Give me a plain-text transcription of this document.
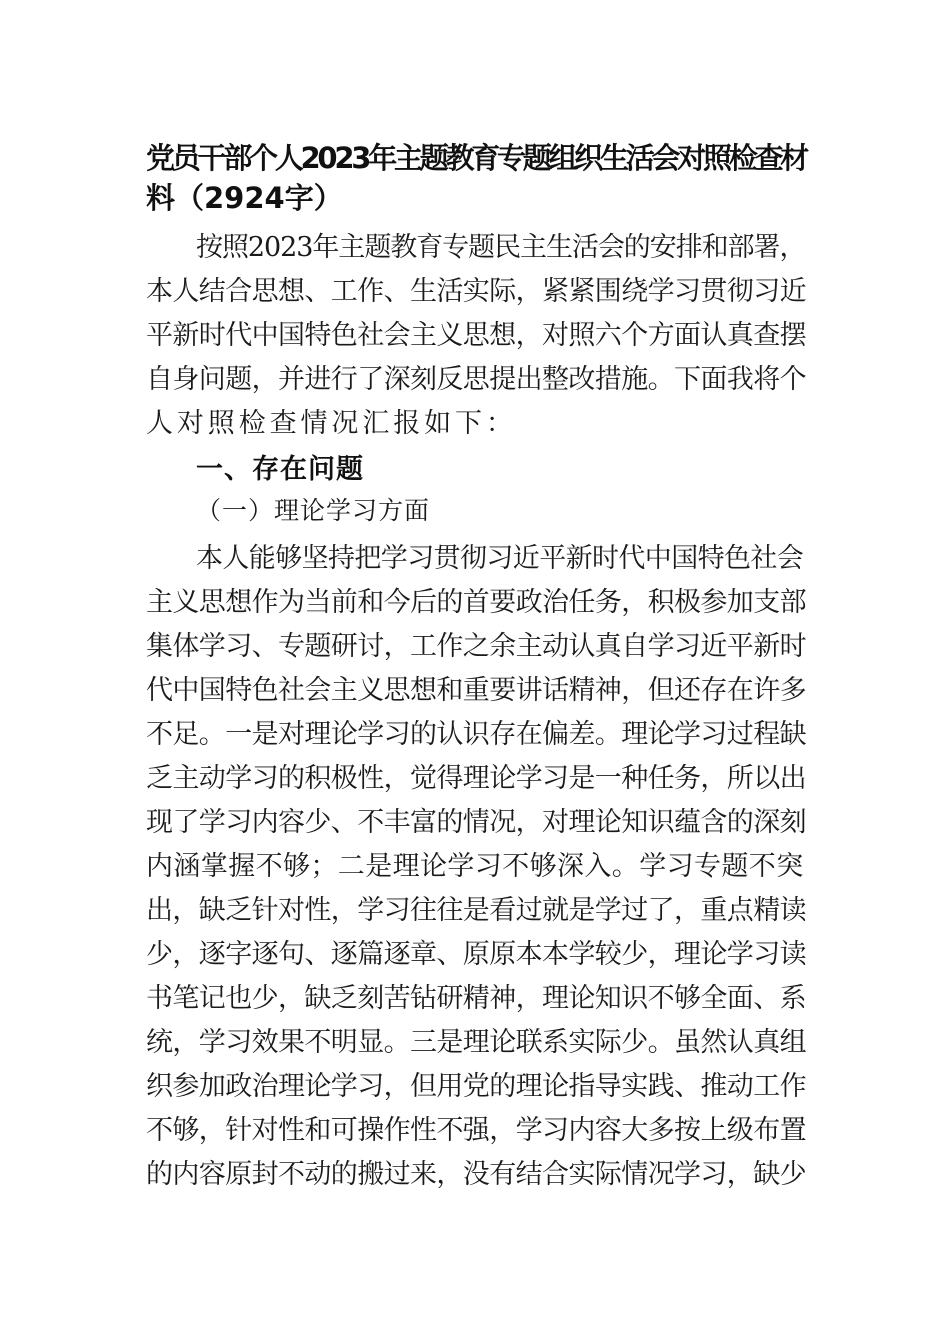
党员干部个人2023年主题教育专题组织生活会对照检查材
料（2924字）
按照2023年主题教育专题民主生活会的安排和部署，
本人结合思想、工作、生活实际，紧紧围绕学习贯彻习近
平新时代中国特色社会主义思想，对照六个方面认真查摆
自身问题，并进行了深刻反思提出整改措施。下面我将个
人对照检查情况汇报如下：
一、存在问题
（一）理论学习方面
本人能够坚持把学习贯彻习近平新时代中国特色社会
主义思想作为当前和今后的首要政治任务，积极参加支部
集体学习、专题研讨，工作之余主动认真自学习近平新时
代中国特色社会主义思想和重要讲话精神，但还存在许多
不足。一是对理论学习的认识存在偏差。理论学习过程缺
乏主动学习的积极性，觉得理论学习是一种任务，所以出
现了学习内容少、不丰富的情况，对理论知识蕴含的深刻
内涵掌握不够；二是理论学习不够深入。学习专题不突
出，缺乏针对性，学习往往是看过就是学过了，重点精读
少，逐字逐句、逐篇逐章、原原本本学较少，理论学习读
书笔记也少，缺乏刻苦钻研精神，理论知识不够全面、系
统，学习效果不明显。三是理论联系实际少。虽然认真组
织参加政治理论学习，但用党的理论指导实践、推动工作
不够，针对性和可操作性不强，学习内容大多按上级布置
的内容原封不动的搬过来，没有结合实际情况学习，缺少
